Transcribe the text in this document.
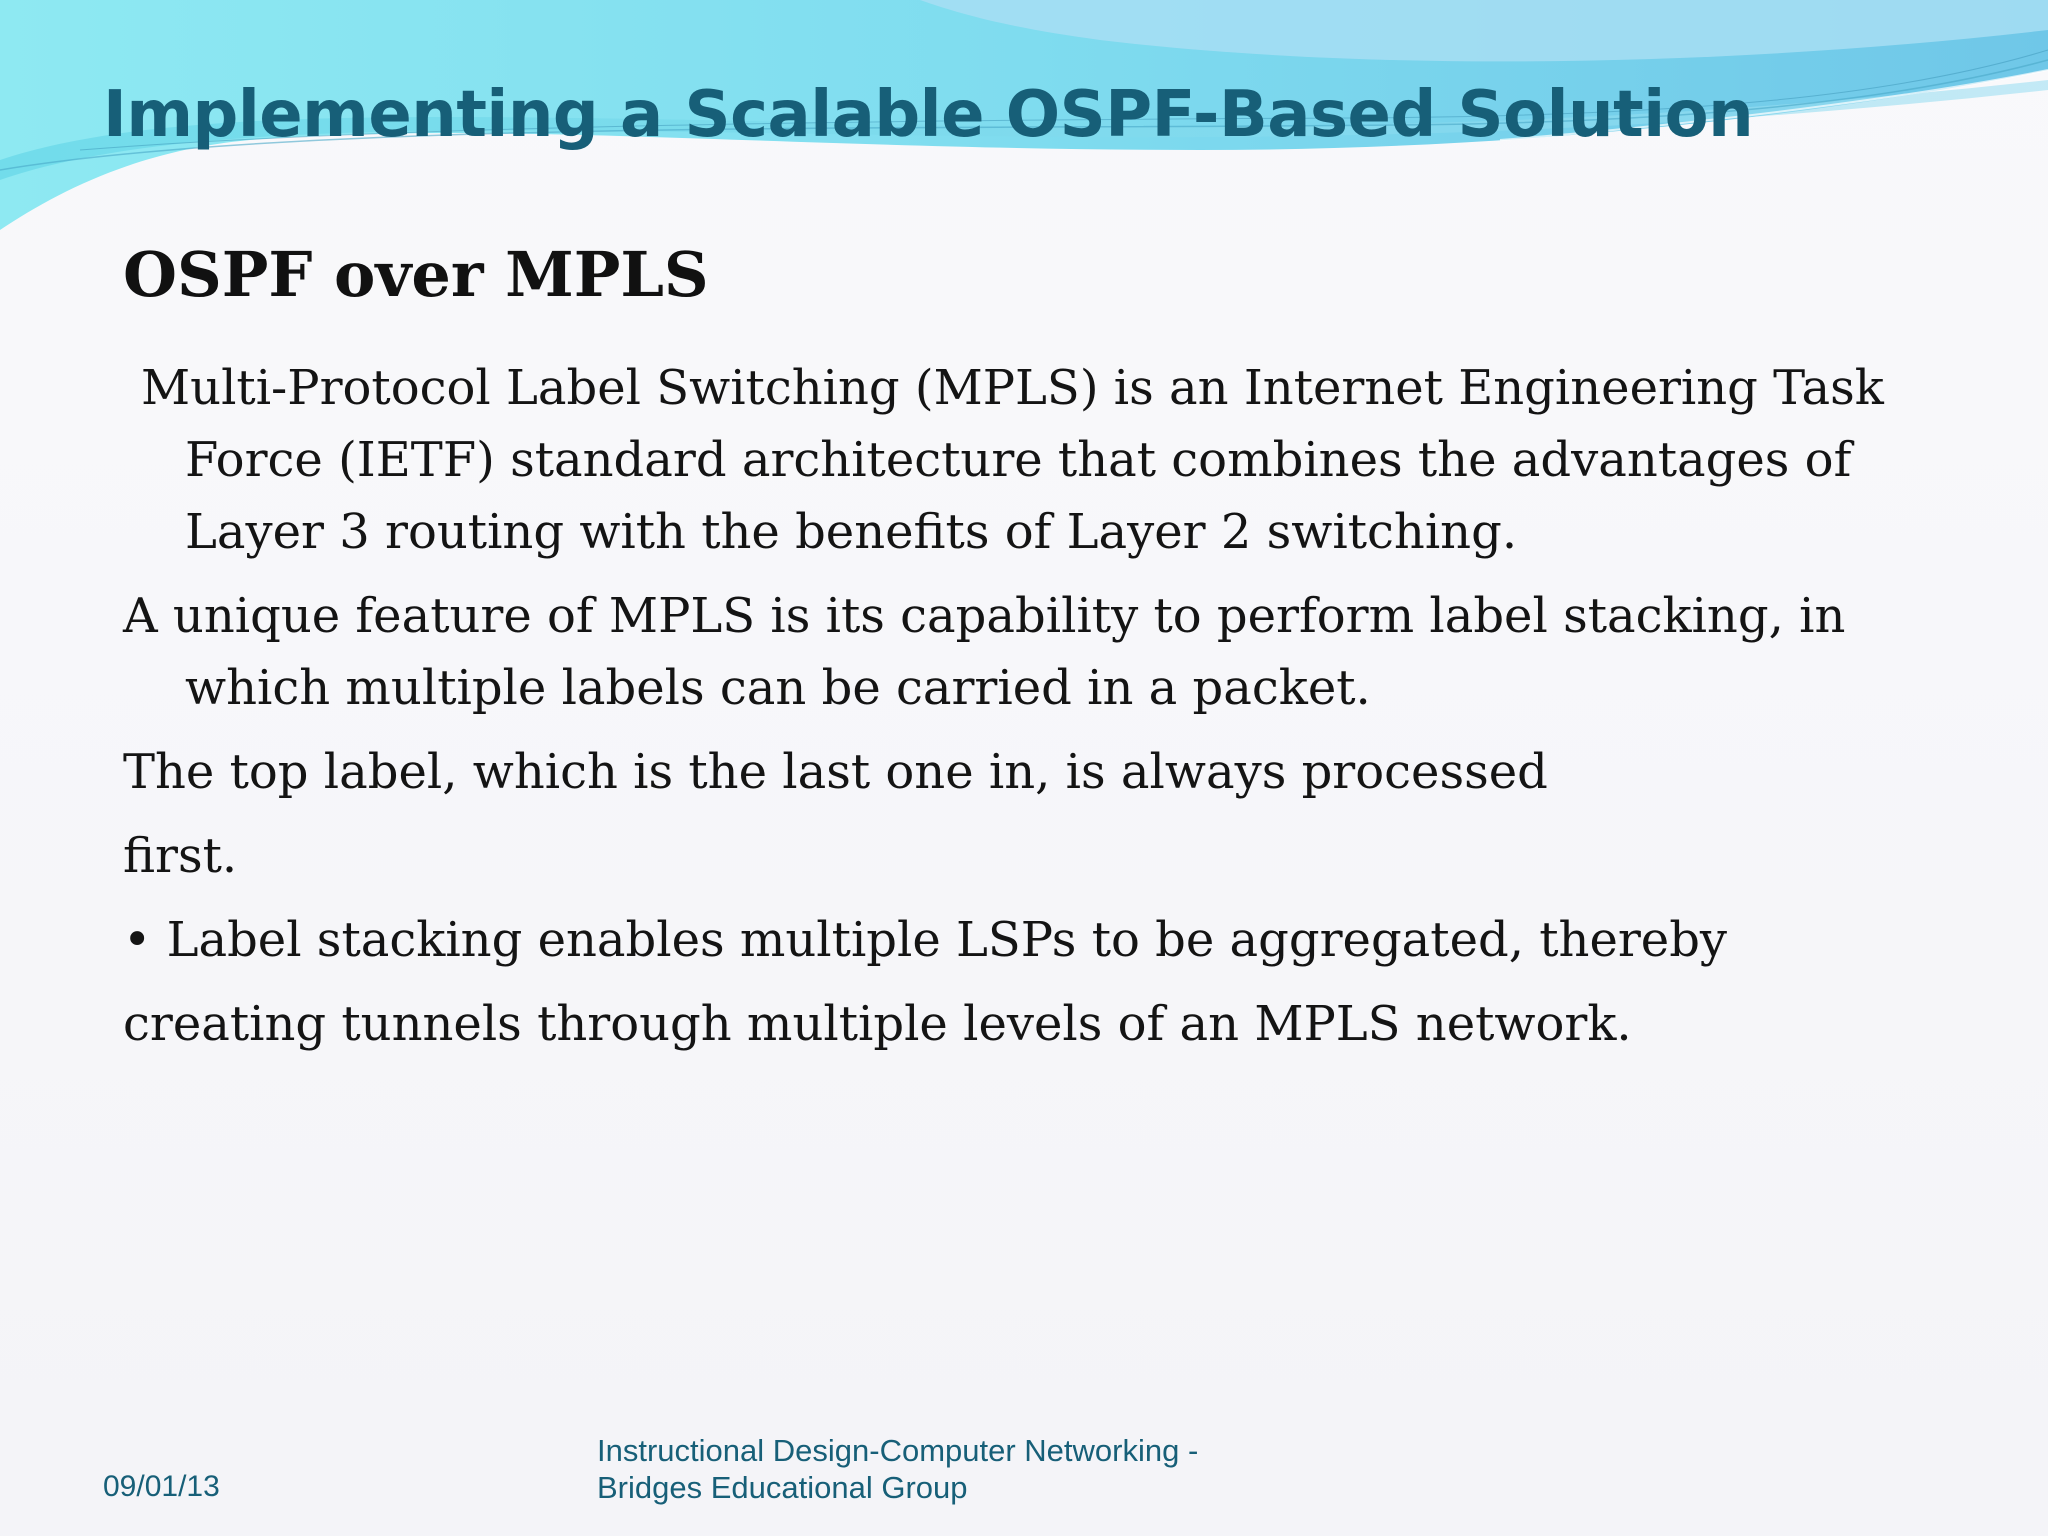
Implementing a Scalable OSPF-Based Solution
OSPF over MPLS

Multi-Protocol Label Switching (MPLS) is an Internet Engineering Task
Force (IETF) standard architecture that combines the advantages of
Layer 3 routing with the benefits of Layer 2 switching.

A unique feature of MPLS is its capability to perform label stacking, in
which multiple labels can be carried in a packet.

The top label, which is the last one in, is always processed

first.

• Label stacking enables multiple LSPs to be aggregated, thereby

creating tunnels through multiple levels of an MPLS network.

09/01/13
Instructional Design-Computer Networking -
Bridges Educational Group
